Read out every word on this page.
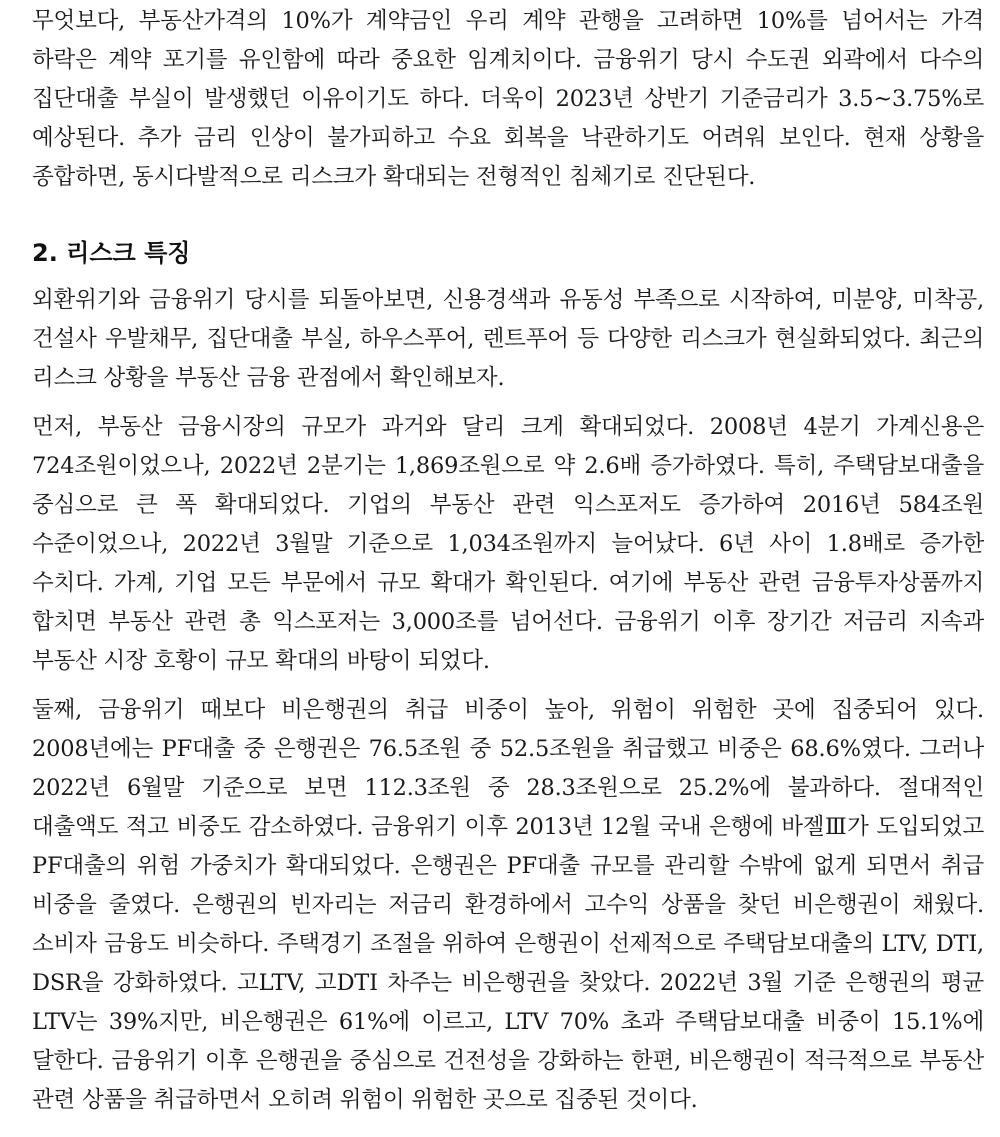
무엇보다, 부동산가격의 10%가 계약금인 우리 계약 관행을 고려하면 10%를 넘어서는 가격 하락은 계약 포기를 유인함에 따라 중요한 임계치이다. 금융위기 당시 수도권 외곽에서 다수의 집단대출 부실이 발생했던 이유이기도 하다. 더욱이 2023년 상반기 기준금리가 3.5~3.75%로 예상된다. 추가 금리 인상이 불가피하고 수요 회복을 낙관하기도 어려워 보인다. 현재 상황을 종합하면, 동시다발적으로 리스크가 확대되는 전형적인 침체기로 진단된다.

2. 리스크 특징

외환위기와 금융위기 당시를 되돌아보면, 신용경색과 유동성 부족으로 시작하여, 미분양, 미착공, 건설사 우발채무, 집단대출 부실, 하우스푸어, 렌트푸어 등 다양한 리스크가 현실화되었다. 최근의 리스크 상황을 부동산 금융 관점에서 확인해보자.

먼저, 부동산 금융시장의 규모가 과거와 달리 크게 확대되었다. 2008년 4분기 가계신용은 724조원이었으나, 2022년 2분기는 1,869조원으로 약 2.6배 증가하였다. 특히, 주택담보대출을 중심으로 큰 폭 확대되었다. 기업의 부동산 관련 익스포저도 증가하여 2016년 584조원 수준이었으나, 2022년 3월말 기준으로 1,034조원까지 늘어났다. 6년 사이 1.8배로 증가한 수치다. 가계, 기업 모든 부문에서 규모 확대가 확인된다. 여기에 부동산 관련 금융투자상품까지 합치면 부동산 관련 총 익스포저는 3,000조를 넘어선다. 금융위기 이후 장기간 저금리 지속과 부동산 시장 호황이 규모 확대의 바탕이 되었다.

둘째, 금융위기 때보다 비은행권의 취급 비중이 높아, 위험이 위험한 곳에 집중되어 있다. 2008년에는 PF대출 중 은행권은 76.5조원 중 52.5조원을 취급했고 비중은 68.6%였다. 그러나 2022년 6월말 기준으로 보면 112.3조원 중 28.3조원으로 25.2%에 불과하다. 절대적인 대출액도 적고 비중도 감소하였다. 금융위기 이후 2013년 12월 국내 은행에 바젤Ⅲ가 도입되었고 PF대출의 위험 가중치가 확대되었다. 은행권은 PF대출 규모를 관리할 수밖에 없게 되면서 취급 비중을 줄였다. 은행권의 빈자리는 저금리 환경하에서 고수익 상품을 찾던 비은행권이 채웠다. 소비자 금융도 비슷하다. 주택경기 조절을 위하여 은행권이 선제적으로 주택담보대출의 LTV, DTI, DSR을 강화하였다. 고LTV, 고DTI 차주는 비은행권을 찾았다. 2022년 3월 기준 은행권의 평균 LTV는 39%지만, 비은행권은 61%에 이르고, LTV 70% 초과 주택담보대출 비중이 15.1%에 달한다. 금융위기 이후 은행권을 중심으로 건전성을 강화하는 한편, 비은행권이 적극적으로 부동산 관련 상품을 취급하면서 오히려 위험이 위험한 곳으로 집중된 것이다.
